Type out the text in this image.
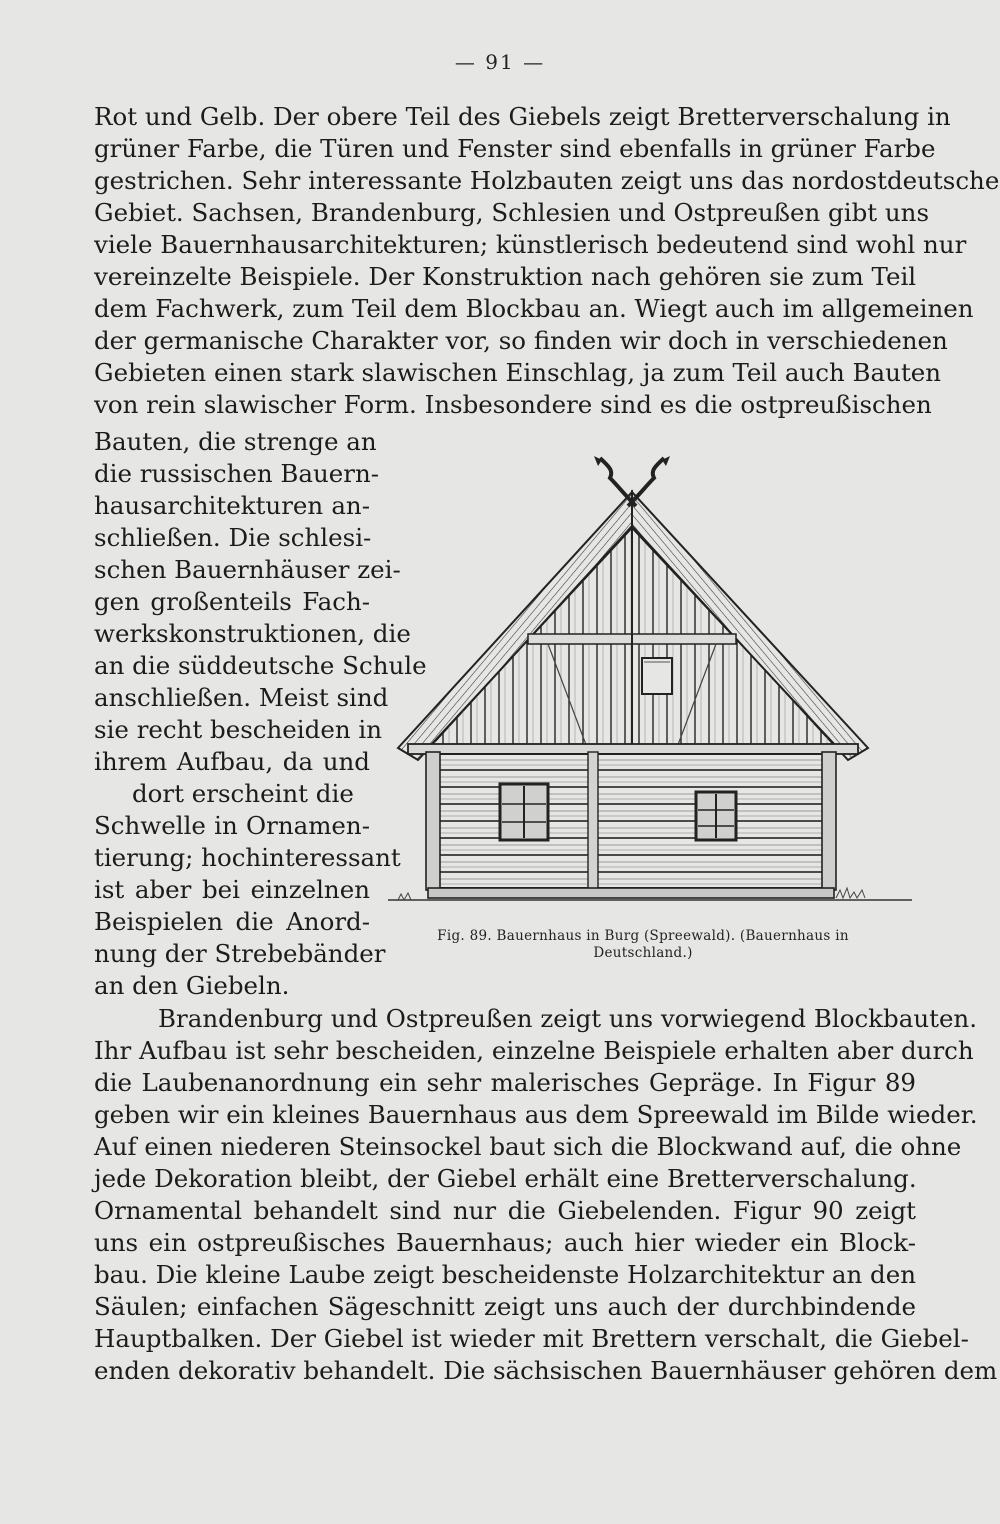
— 91 —
Rot und Gelb. Der obere Teil des Giebels zeigt Bretterverschalung in
grüner Farbe, die Türen und Fenster sind ebenfalls in grüner Farbe
gestrichen. Sehr interessante Holzbauten zeigt uns das nordostdeutsche
Gebiet. Sachsen, Brandenburg, Schlesien und Ostpreußen gibt uns
viele Bauernhausarchitekturen; künstlerisch bedeutend sind wohl nur
vereinzelte Beispiele. Der Konstruktion nach gehören sie zum Teil
dem Fachwerk, zum Teil dem Blockbau an. Wiegt auch im allgemeinen
der germanische Charakter vor, so finden wir doch in verschiedenen
Gebieten einen stark slawischen Einschlag, ja zum Teil auch Bauten
von rein slawischer Form. Insbesondere sind es die ostpreußischen
Bauten, die strenge an
die russischen Bauern-
hausarchitekturen an-
schließen. Die schlesi-
schen Bauernhäuser zei-
gen großenteils Fach-
werkskonstruktionen, die
an die süddeutsche Schule
anschließen. Meist sind
sie recht bescheiden in
ihrem Aufbau, da und
dort erscheint die
Schwelle in Ornamen-
tierung; hochinteressant
ist aber bei einzelnen
Beispielen die Anord-
nung der Strebebänder
an den Giebeln.
Fig. 89. Bauernhaus in Burg (Spreewald). (Bauernhaus in Deutschland.)
Brandenburg und Ostpreußen zeigt uns vorwiegend Blockbauten.
Ihr Aufbau ist sehr bescheiden, einzelne Beispiele erhalten aber durch
die Laubenanordnung ein sehr malerisches Gepräge. In Figur 89
geben wir ein kleines Bauernhaus aus dem Spreewald im Bilde wieder.
Auf einen niederen Steinsockel baut sich die Blockwand auf, die ohne
jede Dekoration bleibt, der Giebel erhält eine Bretterverschalung.
Ornamental behandelt sind nur die Giebelenden. Figur 90 zeigt
uns ein ostpreußisches Bauernhaus; auch hier wieder ein Block-
bau. Die kleine Laube zeigt bescheidenste Holzarchitektur an den
Säulen; einfachen Sägeschnitt zeigt uns auch der durchbindende
Hauptbalken. Der Giebel ist wieder mit Brettern verschalt, die Giebel-
enden dekorativ behandelt. Die sächsischen Bauernhäuser gehören dem
